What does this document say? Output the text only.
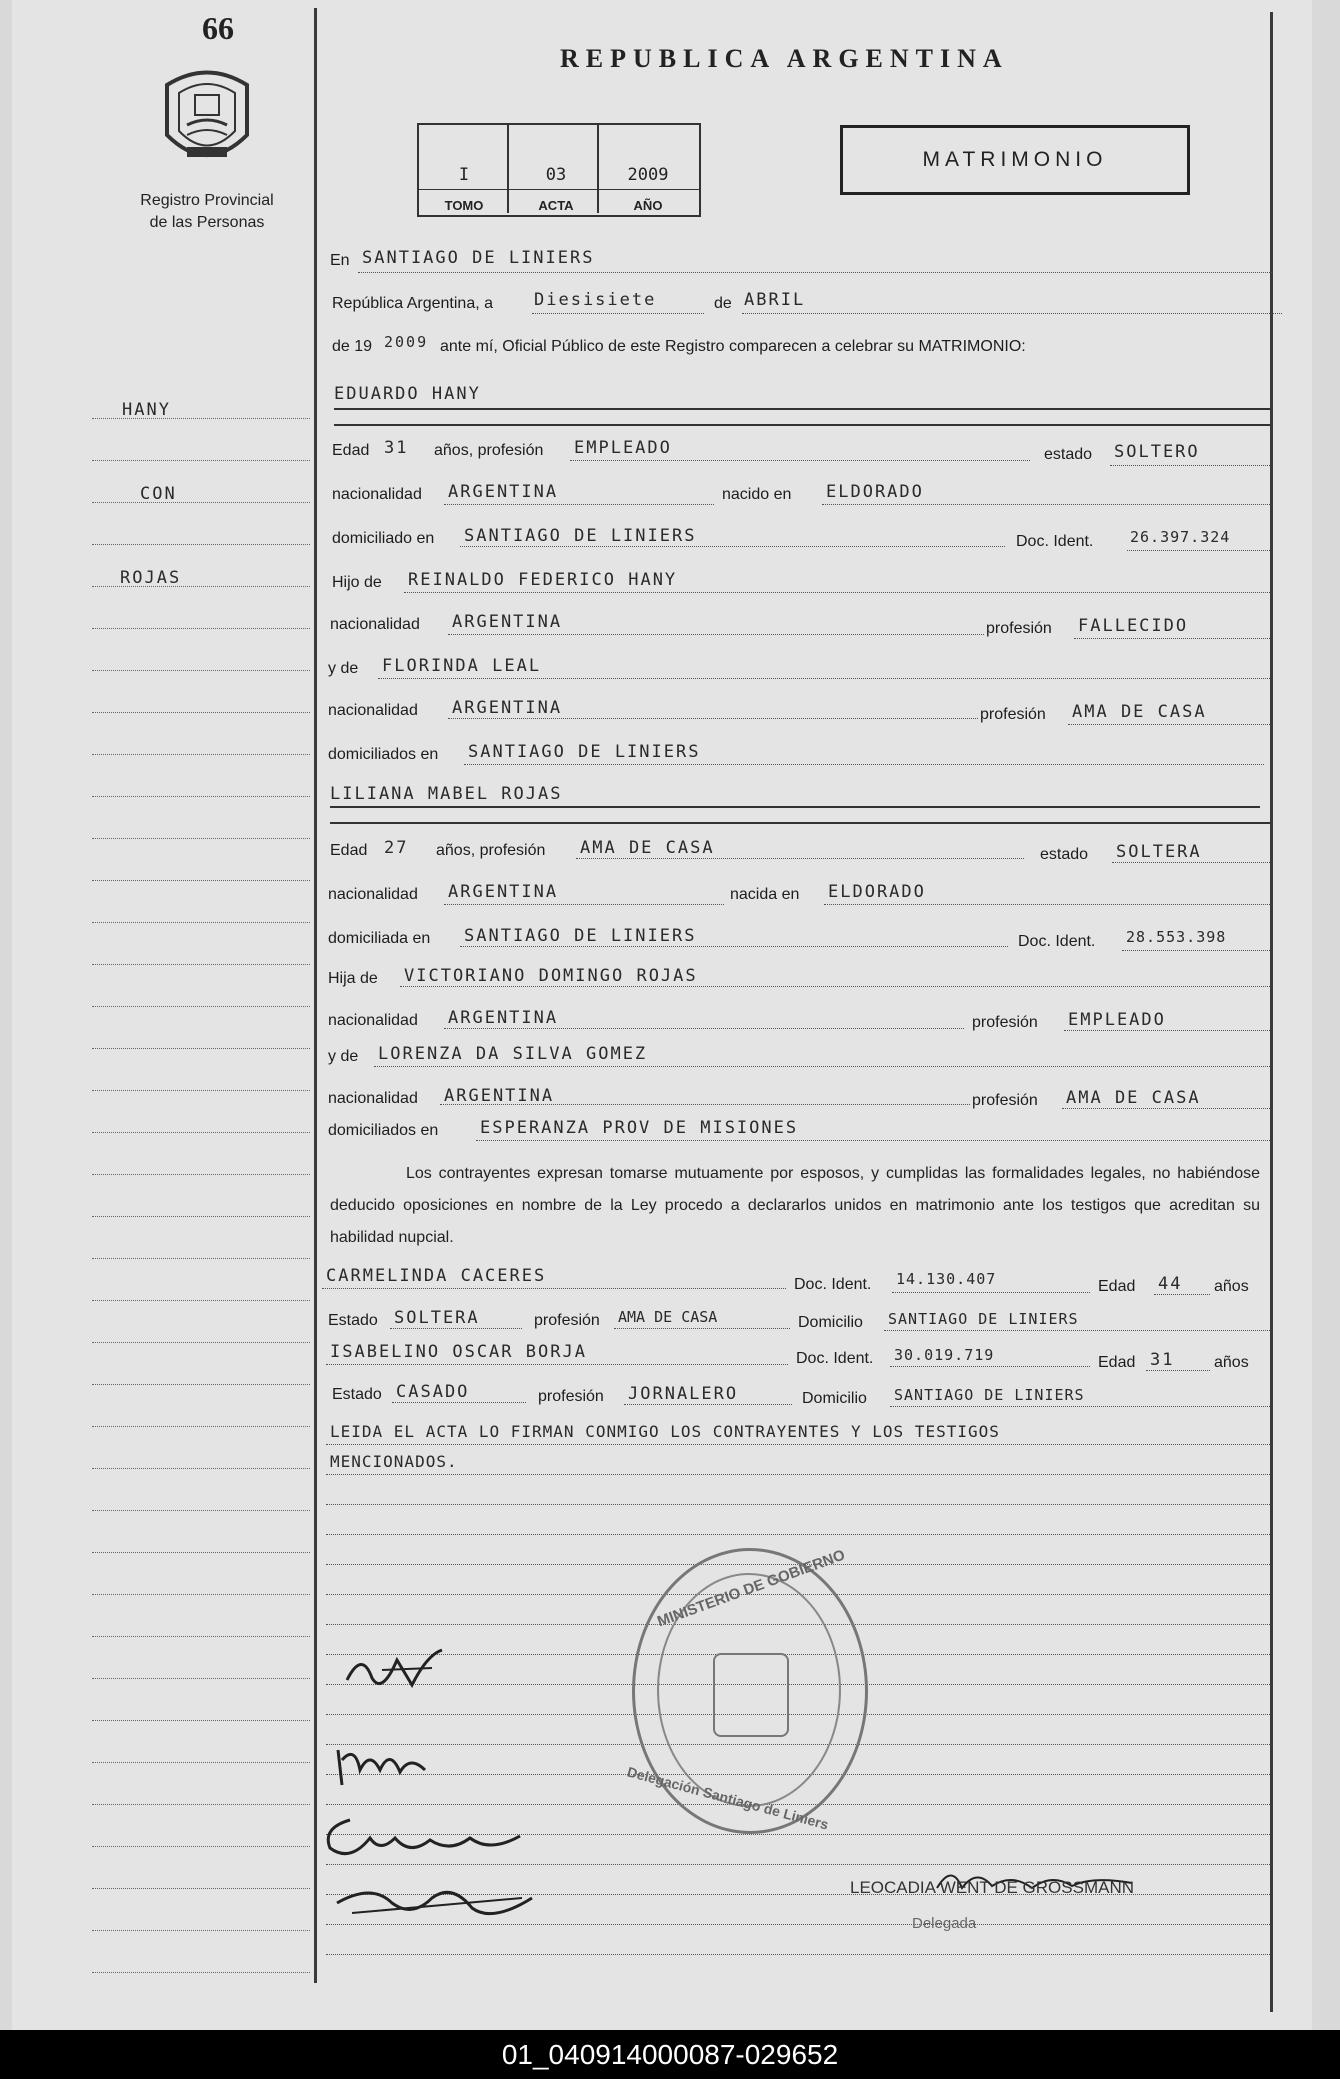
66
Registro Provincial
de las Personas
REPUBLICA ARGENTINA
I	03	2009
TOMO	ACTA	AÑO
MATRIMONIO
HANY
CON
ROJAS
En SANTIAGO DE LINIERS
República Argentina, a Diesisiete	de ABRIL
de 19 2009 ante mí, Oficial Público de este Registro comparecen a celebrar su MATRIMONIO:
EDUARDO HANY
Edad 31 años, profesión EMPLEADO	estado SOLTERO
nacionalidad ARGENTINA	nacido en ELDORADO
domiciliado en SANTIAGO DE LINIERS	Doc. Ident. 26.397.324
Hijo de REINALDO FEDERICO HANY
nacionalidad ARGENTINA	profesión FALLECIDO
y de FLORINDA LEAL
nacionalidad ARGENTINA	profesión AMA DE CASA
domiciliados en SANTIAGO DE LINIERS
LILIANA MABEL ROJAS
Edad 27 años, profesión AMA DE CASA	estado SOLTERA
nacionalidad ARGENTINA	nacida en ELDORADO
domiciliada en SANTIAGO DE LINIERS	Doc. Ident. 28.553.398
Hija de VICTORIANO DOMINGO ROJAS
nacionalidad ARGENTINA	profesión EMPLEADO
y de LORENZA DA SILVA GOMEZ
nacionalidad ARGENTINA	profesión AMA DE CASA
domiciliados en ESPERANZA PROV DE MISIONES
Los contrayentes expresan tomarse mutuamente por esposos, y cumplidas las formalidades legales, no habiéndose deducido oposiciones en nombre de la Ley procedo a declararlos unidos en matrimonio ante los testigos que acreditan su habilidad nupcial.
CARMELINDA CACERES	Doc. Ident. 14.130.407	Edad 44 años
Estado SOLTERA	profesión AMA DE CASA	Domicilio SANTIAGO DE LINIERS
ISABELINO OSCAR BORJA	Doc. Ident. 30.019.719	Edad 31 años
Estado CASADO	profesión JORNALERO	Domicilio SANTIAGO DE LINIERS
LEIDA EL ACTA LO FIRMAN CONMIGO LOS CONTRAYENTES Y LOS TESTIGOS
MENCIONADOS.
MINISTERIO DE GOBIERNO
Delegación Santiago de Liniers
LEOCADIA WENT DE GROSSMANN
Delegada
01_040914000087-029652
